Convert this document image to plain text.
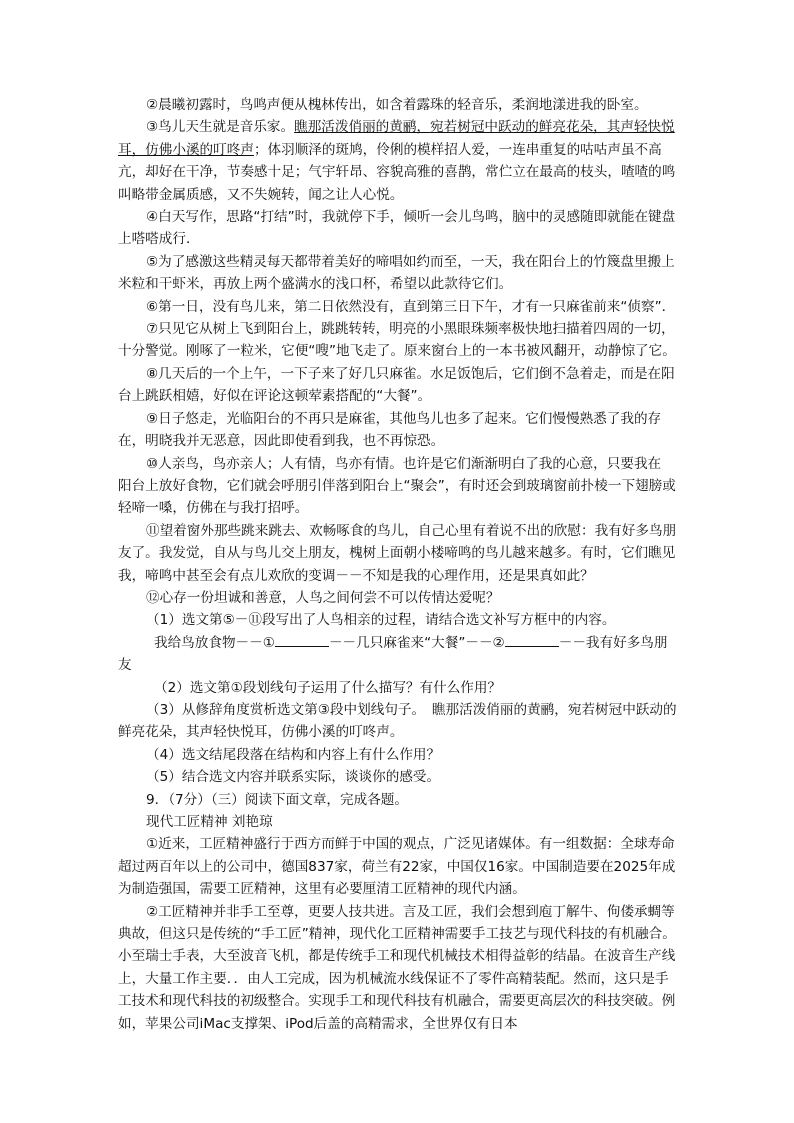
②晨曦初露时，鸟鸣声便从槐林传出，如含着露珠的轻音乐，柔润地漾进我的卧室。

③鸟儿天生就是音乐家。瞧那活泼俏丽的黄鹂，宛若树冠中跃动的鲜亮花朵，其声轻快悦耳，仿佛小溪的叮咚声；体羽顺泽的斑鸠，伶俐的模样招人爱，一连串重复的咕咕声虽不高亢，却好在干净，节奏感十足；气宇轩昂、容貌高雅的喜鹊，常伫立在最高的枝头，喳喳的鸣叫略带金属质感，又不失婉转，闻之让人心悦。

④白天写作，思路“打结”时，我就停下手，倾听一会儿鸟鸣，脑中的灵感随即就能在键盘上嗒嗒成行．

⑤为了感激这些精灵每天都带着美好的啼唱如约而至，一天，我在阳台上的竹篾盘里搬上米粒和干虾米，再放上两个盛满水的浅口杯，希望以此款待它们。

⑥第一日，没有鸟儿来，第二日依然没有，直到第三日下午，才有一只麻雀前来“侦察”．

⑦只见它从树上飞到阳台上，跳跳转转，明亮的小黑眼珠频率极快地扫描着四周的一切，十分警觉。刚啄了一粒米，它便“嗖”地飞走了。原来窗台上的一本书被风翻开，动静惊了它。

⑧几天后的一个上午，一下子来了好几只麻雀。水足饭饱后，它们倒不急着走，而是在阳台上跳跃相嬉，好似在评论这顿荤素搭配的“大餐”。

⑨日子悠走，光临阳台的不再只是麻雀，其他鸟儿也多了起来。它们慢慢熟悉了我的存在，明晓我并无恶意，因此即使看到我，也不再惊恐。

⑩人亲鸟，鸟亦亲人；人有情，鸟亦有情。也许是它们渐渐明白了我的心意，只要我在　阳台上放好食物，它们就会呼朋引伴落到阳台上“聚会”，有时还会到玻璃窗前扑棱一下翅膀或轻啼一嗓，仿佛在与我打招呼。

⑪望着窗外那些跳来跳去、欢畅啄食的鸟儿，自己心里有着说不出的欣慰：我有好多鸟朋友了。我发觉，自从与鸟儿交上朋友，槐树上面朝小楼啼鸣的鸟儿越来越多。有时，它们瞧见我，啼鸣中甚至会有点儿欢欣的变调－－不知是我的心理作用，还是果真如此？

⑫心存一份坦诚和善意，人鸟之间何尝不可以传情达爱呢？

（1）选文第⑤－⑪段写出了人鸟相亲的过程，请结合选文补写方框中的内容。

我给鸟放食物－－①	－－几只麻雀来“大餐”－－②	－－我有好多鸟朋友

（2）选文第①段划线句子运用了什么描写？有什么作用？

（3）从修辞角度赏析选文第③段中划线句子。　瞧那活泼俏丽的黄鹂，宛若树冠中跃动的鲜亮花朵，其声轻快悦耳，仿佛小溪的叮咚声。

（4）选文结尾段落在结构和内容上有什么作用？

（5）结合选文内容并联系实际，谈谈你的感受。

9．（7分）（三）阅读下面文章，完成各题。

现代工匠精神 刘艳琼

①近来，工匠精神盛行于西方而鲜于中国的观点，广泛见诸媒体。有一组数据：全球寿命超过两百年以上的公司中，德国837家，荷兰有22家，中国仅16家。中国制造要在2025年成为制造强国，需要工匠精神，这里有必要厘清工匠精神的现代内涵。

②工匠精神并非手工至尊，更要人技共进。言及工匠，我们会想到庖丁解牛、佝偻承蜩等典故，但这只是传统的“手工匠”精神，现代化工匠精神需要手工技艺与现代科技的有机融合。小至瑞士手表，大至波音飞机，都是传统手工和现代机械技术相得益彰的结晶。在波音生产线上，大量工作主要．．由人工完成，因为机械流水线保证不了零件高精装配。然而，这只是手工技术和现代科技的初级整合。实现手工和现代科技有机融合，需要更高层次的科技突破。例如，苹果公司iMac支撑架、iPod后盖的高精需求，全世界仅有日本
